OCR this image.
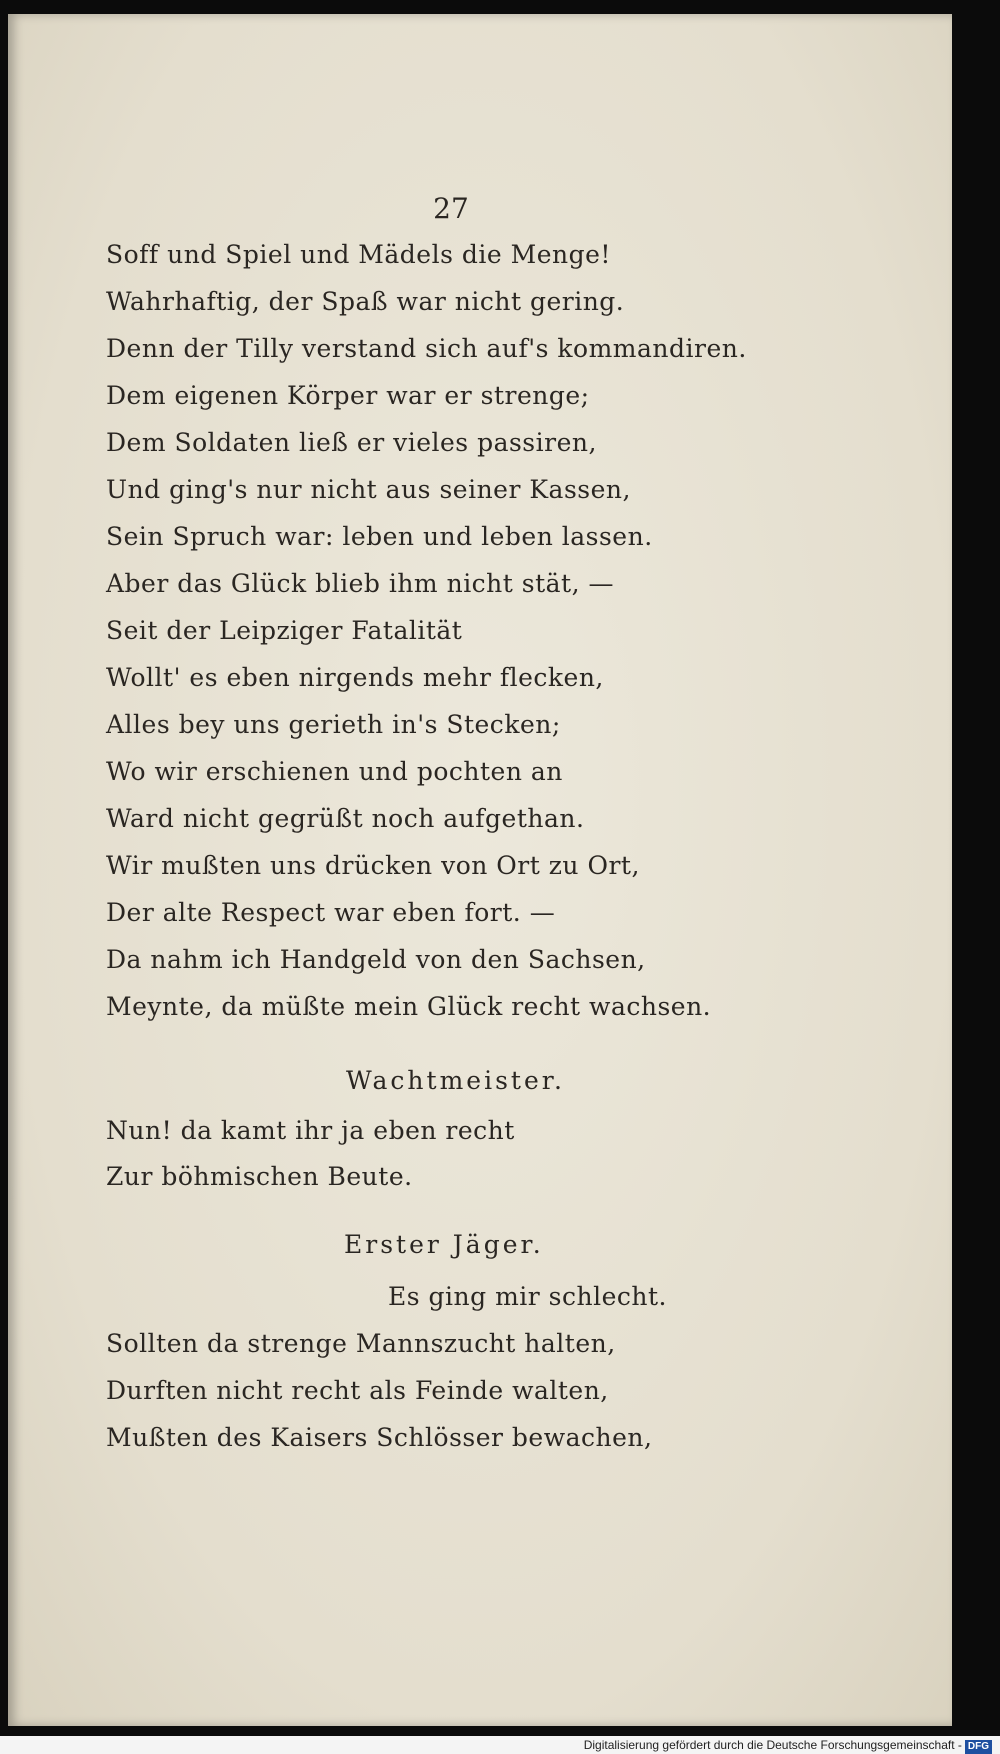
27
Soff und Spiel und Mädels die Menge!
Wahrhaftig, der Spaß war nicht gering.
Denn der Tilly verstand sich auf's kommandiren.
Dem eigenen Körper war er strenge;
Dem Soldaten ließ er vieles passiren,
Und ging's nur nicht aus seiner Kassen,
Sein Spruch war: leben und leben lassen.
Aber das Glück blieb ihm nicht stät, —
Seit der Leipziger Fatalität
Wollt' es eben nirgends mehr flecken,
Alles bey uns gerieth in's Stecken;
Wo wir erschienen und pochten an
Ward nicht gegrüßt noch aufgethan.
Wir mußten uns drücken von Ort zu Ort,
Der alte Respect war eben fort. —
Da nahm ich Handgeld von den Sachsen,
Meynte, da müßte mein Glück recht wachsen.
Wachtmeister.
Nun! da kamt ihr ja eben recht
Zur böhmischen Beute.
Erster Jäger.
Es ging mir schlecht.
Sollten da strenge Mannszucht halten,
Durften nicht recht als Feinde walten,
Mußten des Kaisers Schlösser bewachen,
Digitalisierung gefördert durch die Deutsche Forschungsgemeinschaft - DFG
